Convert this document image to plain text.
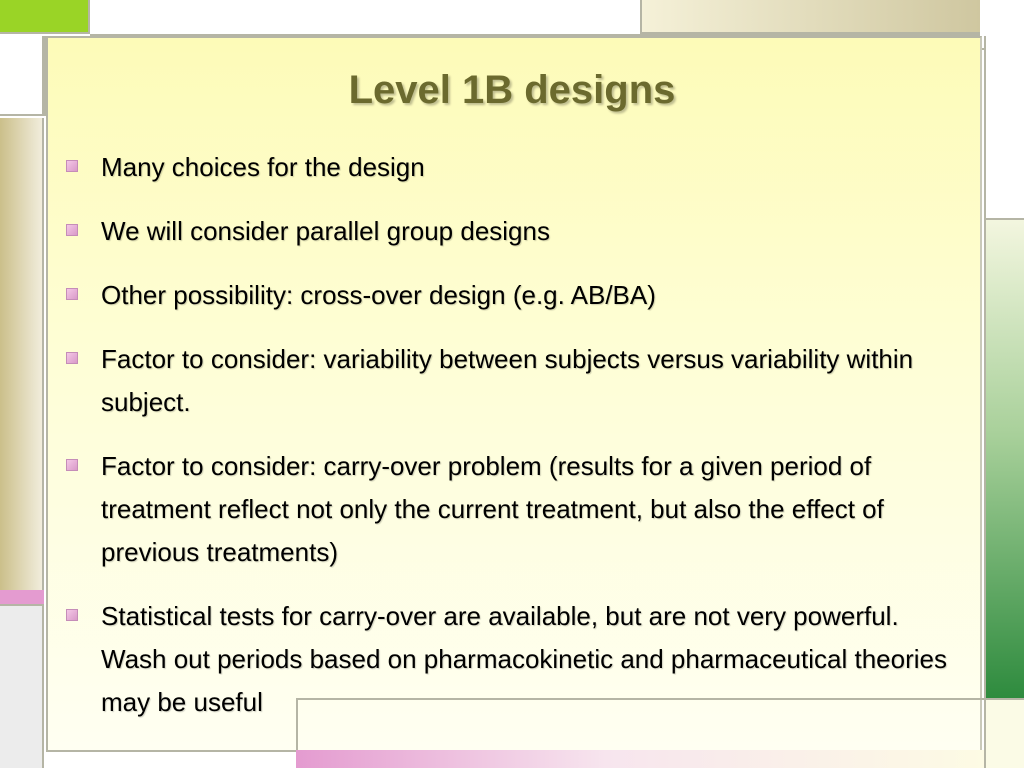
Level 1B designs
Many choices for the design
We will consider parallel group designs
Other possibility: cross-over design (e.g. AB/BA)
Factor to consider: variability between subjects versus variability within subject.
Factor to consider: carry-over problem (results for a given period of treatment reflect not only the current treatment, but also the effect of previous treatments)
Statistical tests for carry-over are available, but are not very powerful. Wash out periods based on pharmacokinetic and pharmaceutical theories may be useful
